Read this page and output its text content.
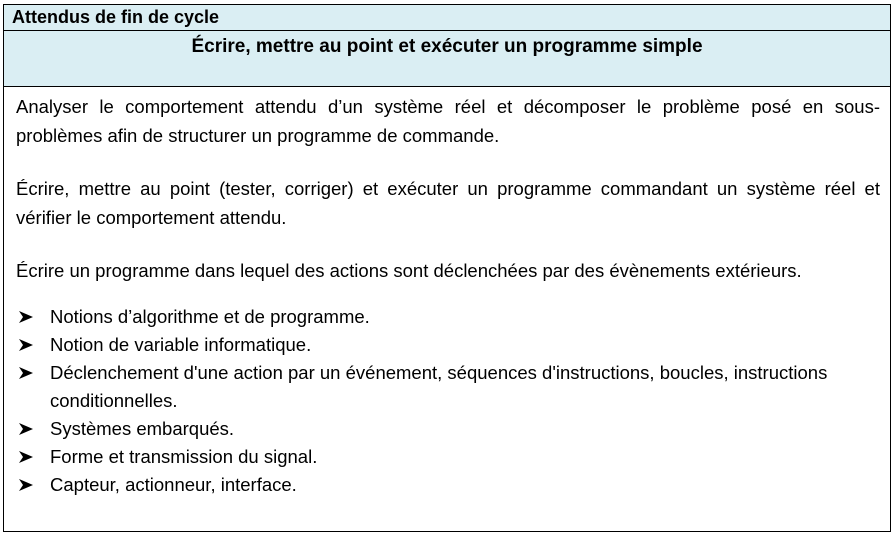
Attendus de fin de cycle
Écrire, mettre au point et exécuter un programme simple

Analyser le comportement attendu d’un système réel et décomposer le problème posé en sous-problèmes afin de structurer un programme de commande.

Écrire, mettre au point (tester, corriger) et exécuter un programme commandant un système réel et vérifier le comportement attendu.

Écrire un programme dans lequel des actions sont déclenchées par des évènements extérieurs.

Notions d’algorithme et de programme.
Notion de variable informatique.
Déclenchement d'une action par un événement, séquences d'instructions, boucles, instructions conditionnelles.
Systèmes embarqués.
Forme et transmission du signal.
Capteur, actionneur, interface.
